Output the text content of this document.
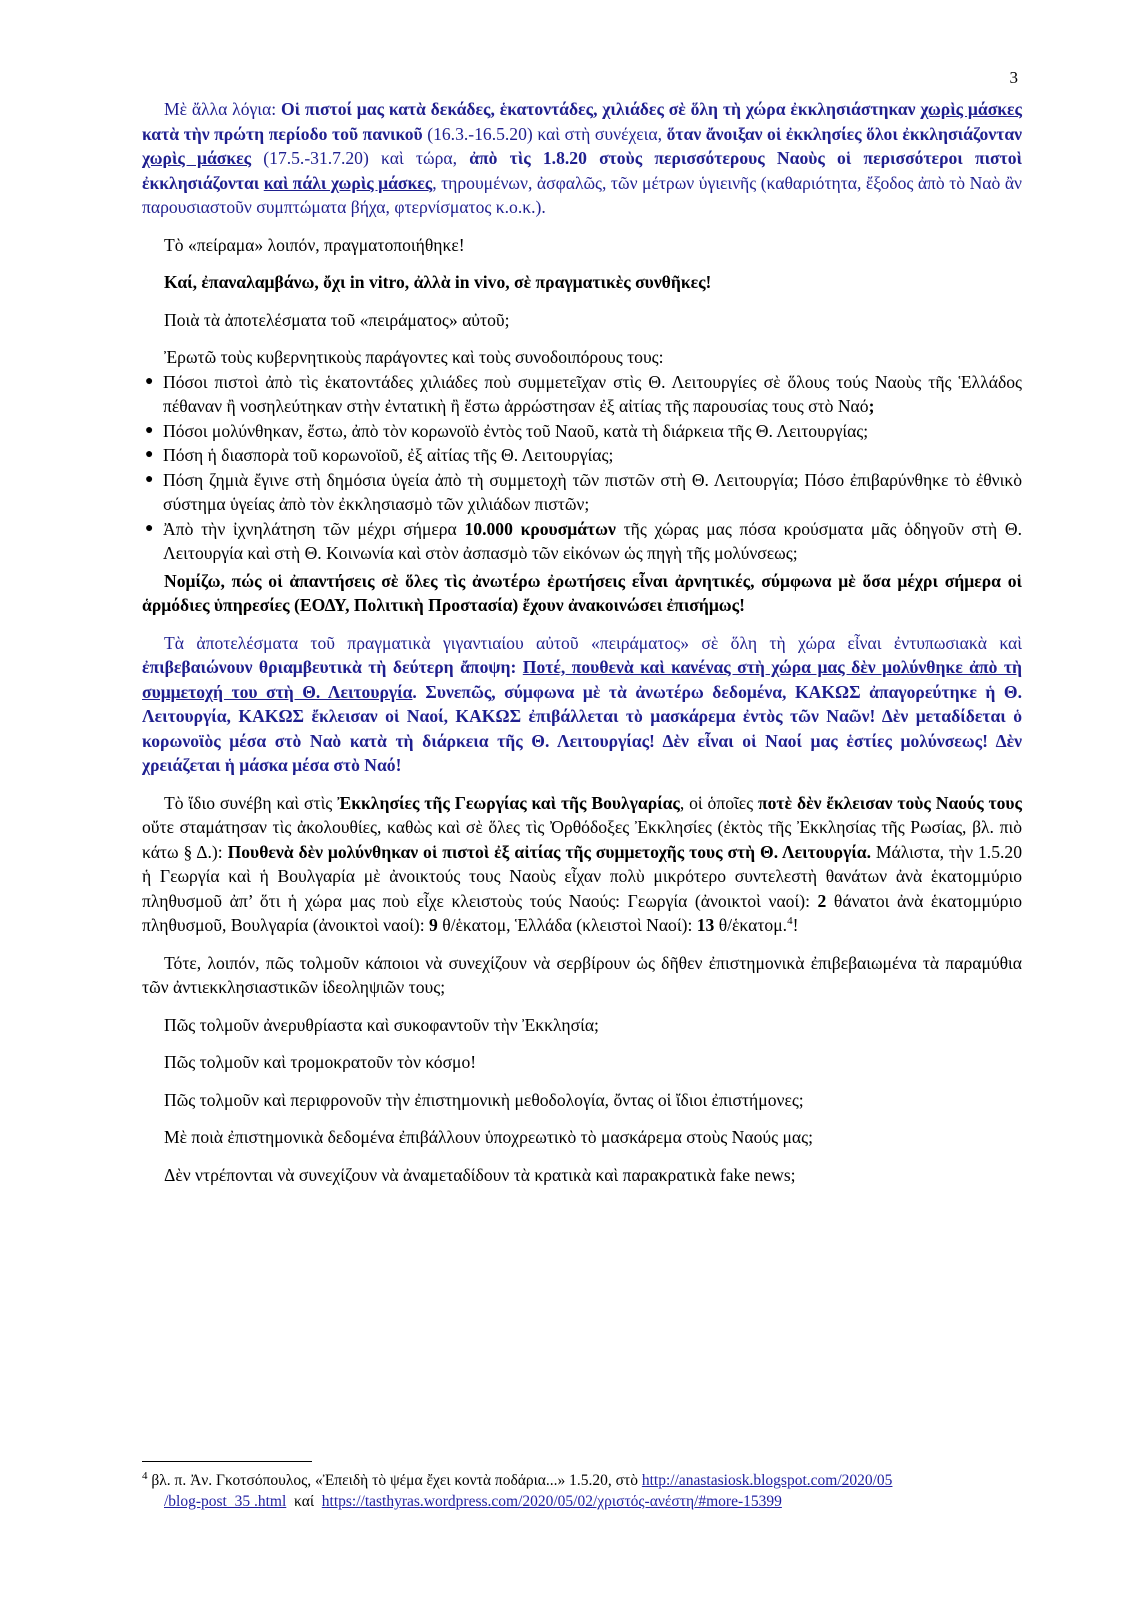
3

Μὲ ἄλλα λόγια: Οἱ πιστοί μας κατὰ δεκάδες, ἑκατοντάδες, χιλιάδες σὲ ὅλη τὴ χώρα ἐκκλησιάστηκαν χωρὶς μάσκες κατὰ τὴν πρώτη περίοδο τοῦ πανικοῦ (16.3.-16.5.20) καὶ στὴ συνέχεια, ὅταν ἄνοιξαν οἱ ἐκκλησίες ὅλοι ἐκκλησιάζονταν χωρὶς μάσκες (17.5.-31.7.20) καὶ τώρα, ἀπὸ τὶς 1.8.20 στοὺς περισσότερους Ναοὺς οἱ περισσότεροι πιστοὶ ἐκκλησιάζονται καὶ πάλι χωρὶς μάσκες, τηρουμένων, ἀσφαλῶς, τῶν μέτρων ὑγιεινῆς (καθαριότητα, ἔξοδος ἀπὸ τὸ Ναὸ ἂν παρουσιαστοῦν συμπτώματα βήχα, φτερνίσματος κ.ο.κ.).

Τὸ «πείραμα» λοιπόν, πραγματοποιήθηκε!

Καί, ἐπαναλαμβάνω, ὄχι in vitro, ἀλλὰ in vivo, σὲ πραγματικὲς συνθῆκες!

Ποιὰ τὰ ἀποτελέσματα τοῦ «πειράματος» αὐτοῦ;

Ἐρωτῶ τοὺς κυβερνητικοὺς παράγοντες καὶ τοὺς συνοδοιπόρους τους:

● Πόσοι πιστοὶ ἀπὸ τὶς ἑκατοντάδες χιλιάδες ποὺ συμμετεῖχαν στὶς Θ. Λειτουργίες σὲ ὅλους τούς Ναοὺς τῆς Ἑλλάδος πέθαναν ἢ νοσηλεύτηκαν στὴν ἐντατικὴ ἢ ἔστω ἀρρώστησαν ἐξ αἰτίας τῆς παρουσίας τους στὸ Ναό;
● Πόσοι μολύνθηκαν, ἔστω, ἀπὸ τὸν κορωνοϊὸ ἐντὸς τοῦ Ναοῦ, κατὰ τὴ διάρκεια τῆς Θ. Λειτουργίας;
● Πόση ἡ διασπορὰ τοῦ κορωνοϊοῦ, ἐξ αἰτίας τῆς Θ. Λειτουργίας;
● Πόση ζημιὰ ἔγινε στὴ δημόσια ὑγεία ἀπὸ τὴ συμμετοχὴ τῶν πιστῶν στὴ Θ. Λειτουργία; Πόσο ἐπιβαρύνθηκε τὸ ἐθνικὸ σύστημα ὑγείας ἀπὸ τὸν ἐκκλησιασμὸ τῶν χιλιάδων πιστῶν;
● Ἀπὸ τὴν ἰχνηλάτηση τῶν μέχρι σήμερα 10.000 κρουσμάτων τῆς χώρας μας πόσα κρούσματα μᾶς ὁδηγοῦν στὴ Θ. Λειτουργία καὶ στὴ Θ. Κοινωνία καὶ στὸν ἀσπασμὸ τῶν εἰκόνων ὡς πηγὴ τῆς μολύνσεως;

Νομίζω, πώς οἱ ἀπαντήσεις σὲ ὅλες τὶς ἀνωτέρω ἐρωτήσεις εἶναι ἀρνητικές, σύμφωνα μὲ ὅσα μέχρι σήμερα οἱ ἁρμόδιες ὑπηρεσίες (ΕΟΔΥ, Πολιτικὴ Προστασία) ἔχουν ἀνακοινώσει ἐπισήμως!

Τὰ ἀποτελέσματα τοῦ πραγματικὰ γιγαντιαίου αὐτοῦ «πειράματος» σὲ ὅλη τὴ χώρα εἶναι ἐντυπωσιακὰ καὶ ἐπιβεβαιώνουν θριαμβευτικὰ τὴ δεύτερη ἄποψη: Ποτέ, πουθενὰ καὶ κανένας στὴ χώρα μας δὲν μολύνθηκε ἀπὸ τὴ συμμετοχή του στὴ Θ. Λειτουργία. Συνεπῶς, σύμφωνα μὲ τὰ ἀνωτέρω δεδομένα, ΚΑΚΩΣ ἀπαγορεύτηκε ἡ Θ. Λειτουργία, ΚΑΚΩΣ ἔκλεισαν οἱ Ναοί, ΚΑΚΩΣ ἐπιβάλλεται τὸ μασκάρεμα ἐντὸς τῶν Ναῶν! Δὲν μεταδίδεται ὁ κορωνοϊὸς μέσα στὸ Ναὸ κατὰ τὴ διάρκεια τῆς Θ. Λειτουργίας! Δὲν εἶναι οἱ Ναοί μας ἑστίες μολύνσεως! Δὲν χρειάζεται ἡ μάσκα μέσα στὸ Ναό!

Τὸ ἴδιο συνέβη καὶ στὶς Ἐκκλησίες τῆς Γεωργίας καὶ τῆς Βουλγαρίας, οἱ ὁποῖες ποτὲ δὲν ἔκλεισαν τοὺς Ναούς τους οὔτε σταμάτησαν τὶς ἀκολουθίες, καθὼς καὶ σὲ ὅλες τὶς Ὀρθόδοξες Ἐκκλησίες (ἐκτὸς τῆς Ἐκκλησίας τῆς Ρωσίας, βλ. πιὸ κάτω § Δ.): Πουθενὰ δὲν μολύνθηκαν οἱ πιστοὶ ἐξ αἰτίας τῆς συμμετοχῆς τους στὴ Θ. Λειτουργία. Μάλιστα, τὴν 1.5.20 ἡ Γεωργία καὶ ἡ Βουλγαρία μὲ ἀνοικτούς τους Ναοὺς εἶχαν πολὺ μικρότερο συντελεστὴ θανάτων ἀνὰ ἑκατομμύριο πληθυσμοῦ ἀπ’ ὅτι ἡ χώρα μας ποὺ εἶχε κλειστοὺς τούς Ναούς: Γεωργία (ἀνοικτοὶ ναοί): 2 θάνατοι ἀνὰ ἑκατομμύριο πληθυσμοῦ, Βουλγαρία (ἀνοικτοὶ ναοί): 9 θ/ἑκατομ, Ἑλλάδα (κλειστοὶ Ναοί): 13 θ/ἑκατομ.$^4$!

Τότε, λοιπόν, πῶς τολμοῦν κάποιοι νὰ συνεχίζουν νὰ σερβίρουν ὡς δῆθεν ἐπιστημονικὰ ἐπιβεβαιωμένα τὰ παραμύθια τῶν ἀντιεκκλησιαστικῶν ἰδεοληψιῶν τους;

Πῶς τολμοῦν ἀνερυθρίαστα καὶ συκοφαντοῦν τὴν Ἐκκλησία;

Πῶς τολμοῦν καὶ τρομοκρατοῦν τὸν κόσμο!

Πῶς τολμοῦν καὶ περιφρονοῦν τὴν ἐπιστημονικὴ μεθοδολογία, ὄντας οἱ ἴδιοι ἐπιστήμονες;

Μὲ ποιὰ ἐπιστημονικὰ δεδομένα ἐπιβάλλουν ὑποχρεωτικὸ τὸ μασκάρεμα στοὺς Ναούς μας;

Δὲν ντρέπονται νὰ συνεχίζουν νὰ ἀναμεταδίδουν τὰ κρατικὰ καὶ παρακρατικὰ fake news;

$^4$ βλ. π. Ἀν. Γκοτσόπουλος, «Ἐπειδὴ τὸ ψέμα ἔχει κοντὰ ποδάρια...» 1.5.20, στὸ http://anastasiosk.blogspot.com/2020/05
/blog-post_35 .html  καί  https://tasthyras.wordpress.com/2020/05/02/χριστός-ανέστη/#more-15399
